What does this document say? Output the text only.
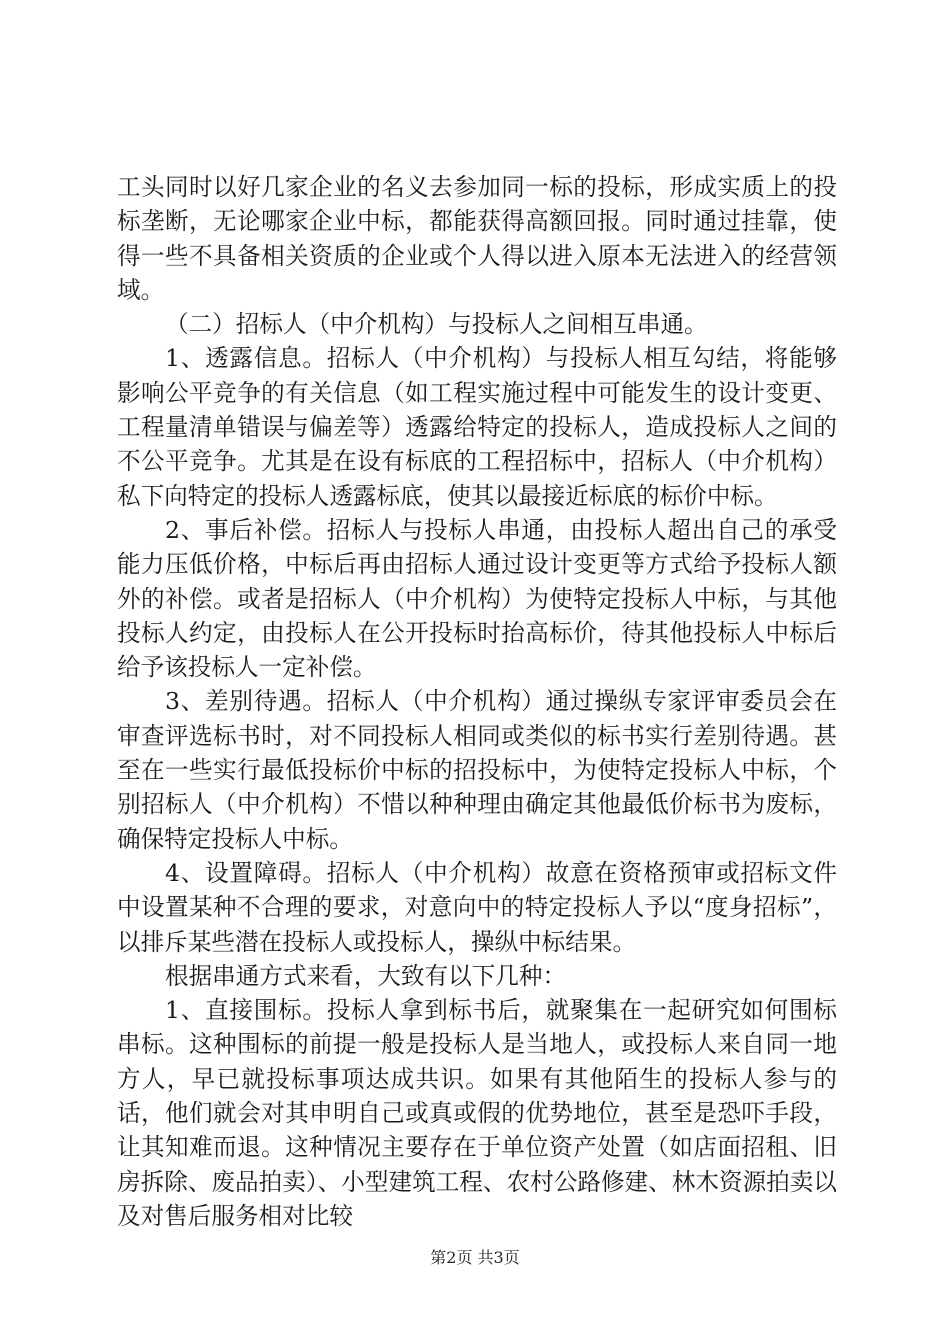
工头同时以好几家企业的名义去参加同一标的投标，形成实质上的投标垄断，无论哪家企业中标，都能获得高额回报。同时通过挂靠，使得一些不具备相关资质的企业或个人得以进入原本无法进入的经营领域。

（二）招标人（中介机构）与投标人之间相互串通。

1、透露信息。招标人（中介机构）与投标人相互勾结，将能够影响公平竞争的有关信息（如工程实施过程中可能发生的设计变更、工程量清单错误与偏差等）透露给特定的投标人，造成投标人之间的不公平竞争。尤其是在设有标底的工程招标中，招标人（中介机构）私下向特定的投标人透露标底，使其以最接近标底的标价中标。

2、事后补偿。招标人与投标人串通，由投标人超出自己的承受能力压低价格，中标后再由招标人通过设计变更等方式给予投标人额外的补偿。或者是招标人（中介机构）为使特定投标人中标，与其他投标人约定，由投标人在公开投标时抬高标价，待其他投标人中标后给予该投标人一定补偿。

3、差别待遇。招标人（中介机构）通过操纵专家评审委员会在审查评选标书时，对不同投标人相同或类似的标书实行差别待遇。甚至在一些实行最低投标价中标的招投标中，为使特定投标人中标，个别招标人（中介机构）不惜以种种理由确定其他最低价标书为废标，确保特定投标人中标。

4、设置障碍。招标人（中介机构）故意在资格预审或招标文件中设置某种不合理的要求，对意向中的特定投标人予以“度身招标”，以排斥某些潜在投标人或投标人，操纵中标结果。

根据串通方式来看，大致有以下几种：

1、直接围标。投标人拿到标书后，就聚集在一起研究如何围标串标。这种围标的前提一般是投标人是当地人，或投标人来自同一地方人，早已就投标事项达成共识。如果有其他陌生的投标人参与的话，他们就会对其申明自己或真或假的优势地位，甚至是恐吓手段，让其知难而退。这种情况主要存在于单位资产处置（如店面招租、旧房拆除、废品拍卖）、小型建筑工程、农村公路修建、林木资源拍卖以及对售后服务相对比较

第2页 共3页
